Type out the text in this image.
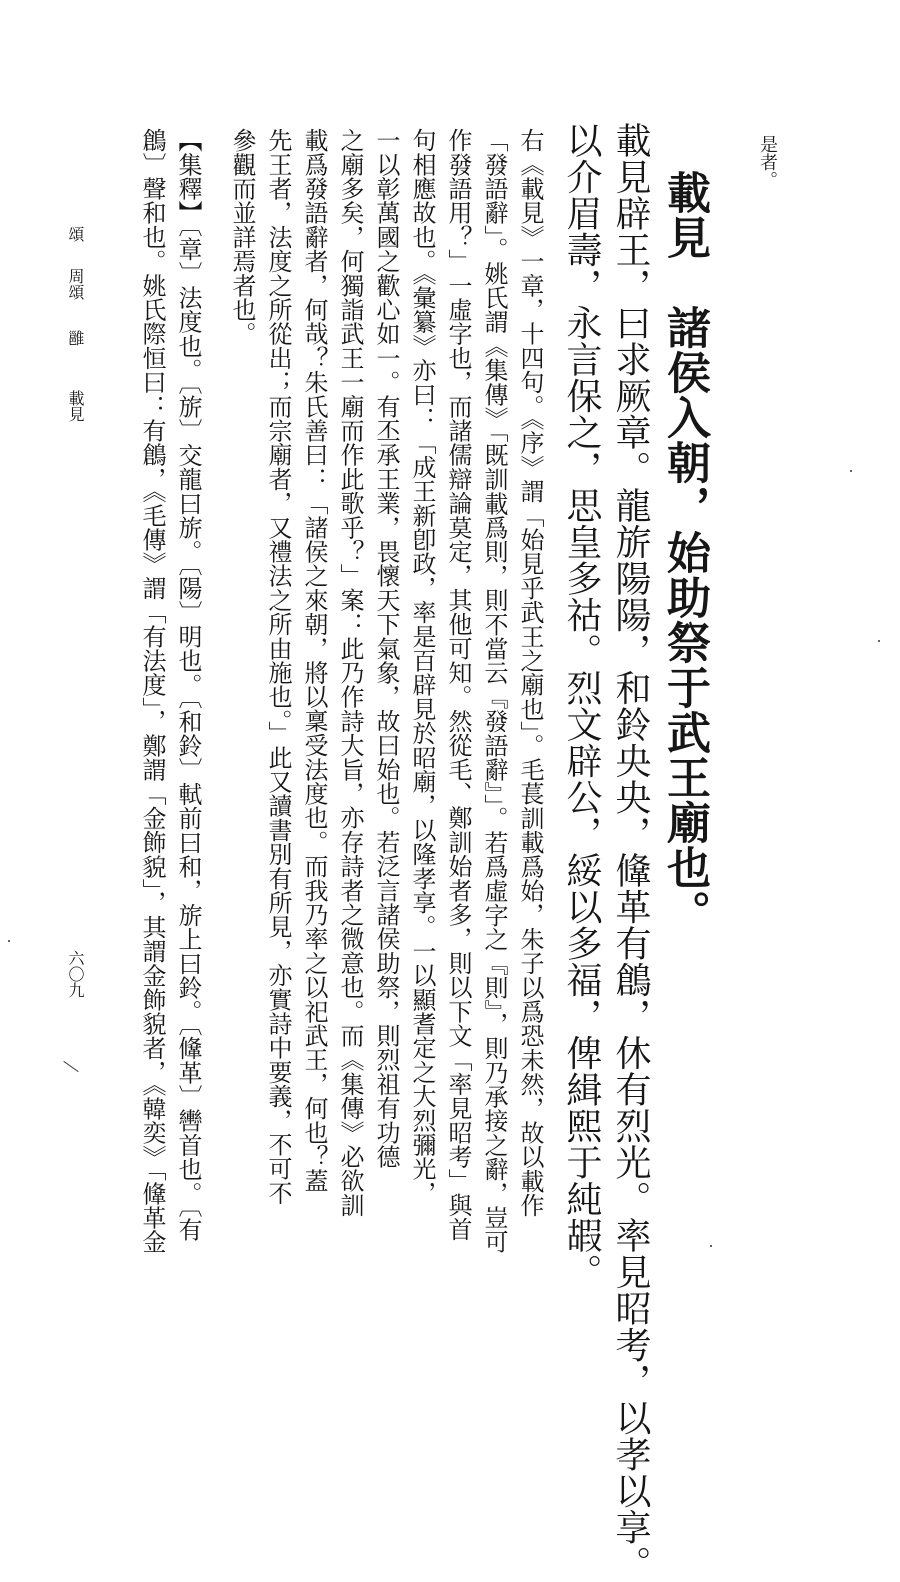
是者。
載見　諸侯入朝，始助祭于武王廟也。
載見辟王，曰求厥章。龍旂陽陽，和鈴央央，鞗革有鶬，休有烈光。率見昭考，以孝以享。
以介眉壽，永言保之，思皇多祜。烈文辟公，綏以多福，俾緝熙于純嘏。
右《載見》一章，十四句。《序》謂「始見乎武王之廟也」。毛萇訓載爲始，朱子以爲恐未然，故以載作
「發語辭」。姚氏謂《集傳》「既訓載爲則，則不當云『發語辭』」。若爲虛字之『則』，則乃承接之辭，豈可
作發語用？」一虛字也，而諸儒辯論莫定，其他可知。然從毛、鄭訓始者多，則以下文「率見昭考」與首
句相應故也。《彙纂》亦曰：「成王新卽政，率是百辟見於昭廟，以隆孝享。一以顯耆定之大烈彌光，
一以彰萬國之歡心如一。有丕承王業，畏懷天下氣象，故曰始也。若泛言諸侯助祭，則烈祖有功德
之廟多矣，何獨詣武王一廟而作此歌乎？」案：此乃作詩大旨，亦存詩者之微意也。而《集傳》必欲訓
載爲發語辭者，何哉？朱氏善曰：「諸侯之來朝，將以稟受法度也。而我乃率之以祀武王，何也？蓋
先王者，法度之所從出；而宗廟者，又禮法之所由施也。」此又讀書別有所見，亦實詩中要義，不可不
參觀而並詳焉者也。
【集釋】〔章〕法度也。〔旂〕交龍曰旂。〔陽〕明也。〔和鈴〕軾前曰和，旂上曰鈴。〔鞗革〕轡首也。〔有
鶬〕聲和也。姚氏際恒曰：有鶬，《毛傳》謂「有法度」，鄭謂「金飾貌」，其謂金飾貌者，《韓奕》「鞗革金
頌
周頌
雝
載見
六〇九
